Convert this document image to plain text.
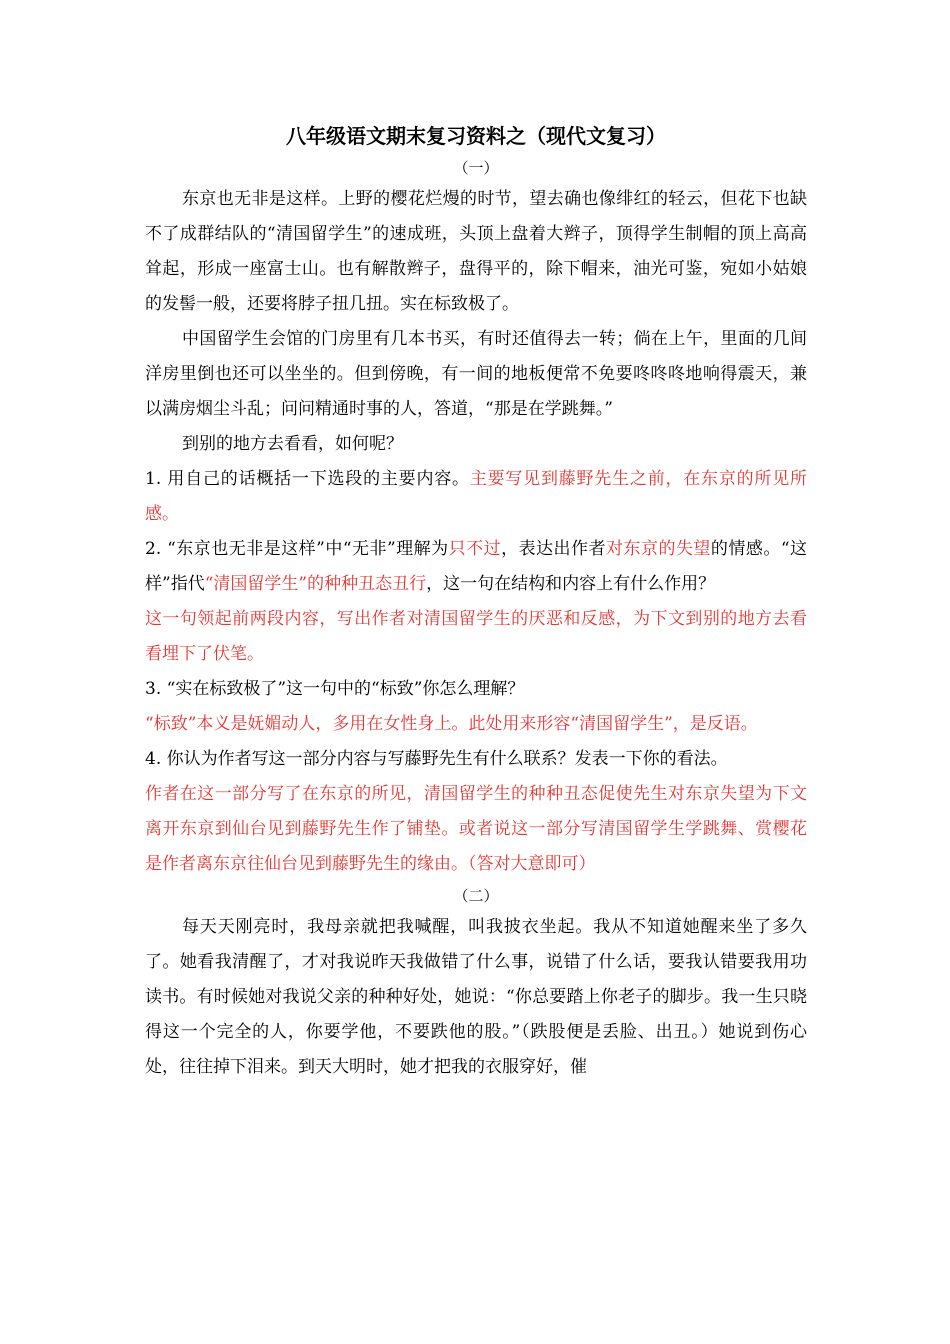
八年级语文期末复习资料之（现代文复习）

（一）

东京也无非是这样。上野的樱花烂熳的时节，望去确也像绯红的轻云，但花下也缺不了成群结队的“清国留学生”的速成班，头顶上盘着大辫子，顶得学生制帽的顶上高高耸起，形成一座富士山。也有解散辫子，盘得平的，除下帽来，油光可鉴，宛如小姑娘的发髻一般，还要将脖子扭几扭。实在标致极了。

中国留学生会馆的门房里有几本书买，有时还值得去一转；倘在上午，里面的几间洋房里倒也还可以坐坐的。但到傍晚，有一间的地板便常不免要咚咚咚地响得震天，兼以满房烟尘斗乱；问问精通时事的人，答道，“那是在学跳舞。”

到别的地方去看看，如何呢？

1. 用自己的话概括一下选段的主要内容。主要写见到藤野先生之前，在东京的所见所感。

2. “东京也无非是这样”中“无非”理解为只不过，表达出作者对东京的失望的情感。“这样”指代“清国留学生”的种种丑态丑行，这一句在结构和内容上有什么作用？

这一句领起前两段内容，写出作者对清国留学生的厌恶和反感，为下文到别的地方去看看埋下了伏笔。

3. “实在标致极了”这一句中的“标致”你怎么理解？

“标致”本义是妩媚动人，多用在女性身上。此处用来形容“清国留学生”，是反语。

4. 你认为作者写这一部分内容与写藤野先生有什么联系？发表一下你的看法。

作者在这一部分写了在东京的所见，清国留学生的种种丑态促使先生对东京失望为下文离开东京到仙台见到藤野先生作了铺垫。或者说这一部分写清国留学生学跳舞、赏樱花是作者离东京往仙台见到藤野先生的缘由。（答对大意即可）

（二）

每天天刚亮时，我母亲就把我喊醒，叫我披衣坐起。我从不知道她醒来坐了多久了。她看我清醒了，才对我说昨天我做错了什么事，说错了什么话，要我认错要我用功读书。有时候她对我说父亲的种种好处，她说：“你总要踏上你老子的脚步。我一生只晓得这一个完全的人，你要学他，不要跌他的股。”（跌股便是丢脸、出丑。）她说到伤心处，往往掉下泪来。到天大明时，她才把我的衣服穿好，催
